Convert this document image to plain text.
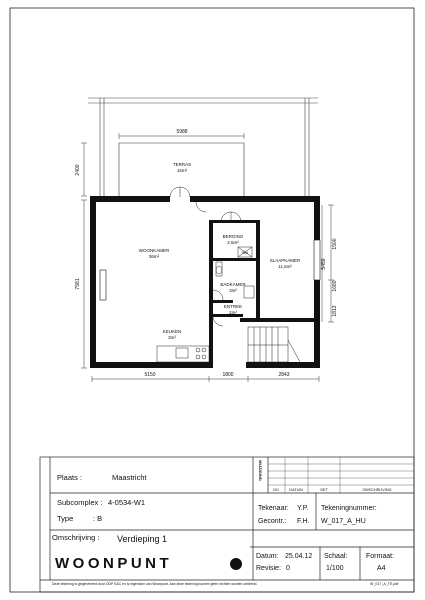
5988
2400
7581
5150	1800	2843
1500
5459
1680
1813
TERRAS
15m²
WOONKAMER
36m²
BERGING
2,5m²
WA
SLAAPKAMER
11,5m²
BADKAMER
3m²
ENTREE
2m²
KEUKEN
3m²
WIJZIGING
NO	DATUM	GET	OMSCHRIJVING
Plaats :	Maastricht
Subcomplex : 4-0534-W1
Type	: B
Omschrijving : Verdieping 1
WOONPUNT
Tekenaar: Y.P.
Gecontr.: F.H.
Tekeningnummer:
W_017_A_HU
Datum: 25.04.12
Revisie: 0
Schaal:
1/100
Formaat:
A4
Deze tekening is gegenereerd door ODP E&C en is eigendom van Woonpunt. Aan deze tekening kunnen geen rechten worden ontleend.	W_017_A_TE.pdf
